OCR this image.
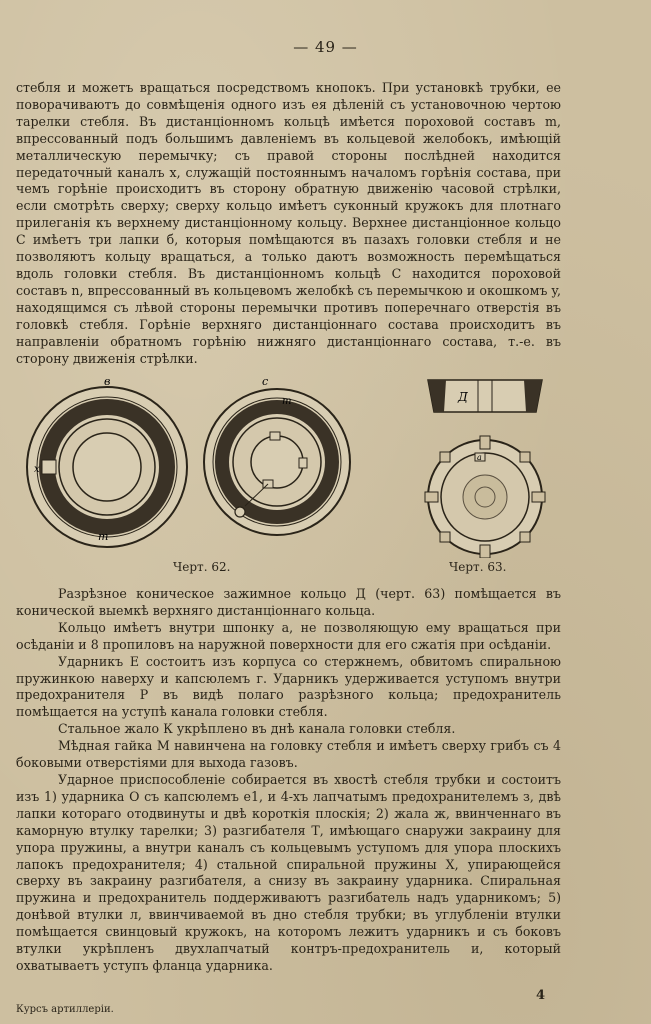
— 49 —

стебля и можетъ вращаться посредствомъ кнопокъ. При установкѣ трубки, ее поворачиваютъ до совмѣщенія одного изъ ея дѣленій съ установочною чертою тарелки стебля. Въ дистанціонномъ кольцѣ имѣется пороховой составъ m, впрессованный подъ большимъ давленіемъ въ кольцевой желобокъ, имѣющій металлическую перемычку; съ правой стороны послѣдней находится передаточный каналъ x, служащій постояннымъ началомъ горѣнія состава, при чемъ горѣніе происходитъ въ сторону обратную движенію часовой стрѣлки, если смотрѣть сверху; сверху кольцо имѣетъ суконный кружокъ для плотнаго прилеганія къ верхнему дистанціонному кольцу. Верхнее дистанціонное кольцо С имѣетъ три лапки б, которыя помѣщаются въ пазахъ головки стебля и не позволяютъ кольцу вращаться, а только даютъ возможность перемѣщаться вдоль головки стебля. Въ дистанціонномъ кольцѣ С находится пороховой составъ n, впрессованный въ кольцевомъ желобкѣ съ перемычкою и окошкомъ y, находящимся съ лѣвой стороны перемычки противъ поперечнаго отверстія въ головкѣ стебля. Горѣніе верхняго дистанціоннаго состава происходитъ въ направленіи обратномъ горѣнію нижняго дистанціоннаго состава, т.-е. въ сторону движенія стрѣлки.

в
x
m
с
m
Черт. 62.
Д
а
Черт. 63.

Разрѣзное коническое зажимное кольцо Д (черт. 63) помѣщается въ конической выемкѣ верхняго дистанціоннаго кольца.

Кольцо имѣетъ внутри шпонку а, не позволяющую ему вращаться при осѣданіи и 8 пропиловъ на наружной поверхности для его сжатія при осѣданіи.

Ударникъ Е состоитъ изъ корпуса со стержнемъ, обвитомъ спиральною пружинкою наверху и капсюлемъ г. Ударникъ удерживается уступомъ внутри предохранителя Р въ видѣ полаго разрѣзного кольца; предохранитель помѣщается на уступѣ канала головки стебля.

Стальное жало К укрѣплено въ днѣ канала головки стебля.

Мѣдная гайка М навинчена на головку стебля и имѣетъ сверху грибъ съ 4 боковыми отверстіями для выхода газовъ.

Ударное приспособленіе собирается въ хвостѣ стебля трубки и состоитъ изъ 1) ударника О съ капсюлемъ е1, и 4-хъ лапчатымъ предохранителемъ з, двѣ лапки котораго отодвинуты и двѣ короткія плоскія; 2) жала ж, ввинченнаго въ каморную втулку тарелки; 3) разгибателя Т, имѣющаго снаружи закраину для упора пружины, а внутри каналъ съ кольцевымъ уступомъ для упора плоскихъ лапокъ предохранителя; 4) стальной спиральной пружины Х, упирающейся сверху въ закраину разгибателя, а снизу въ закраину ударника. Спиральная пружина и предохранитель поддерживаютъ разгибатель надъ ударникомъ; 5) донѣвой втулки л, ввинчиваемой въ дно стебля трубки; въ углубленіи втулки помѣщается свинцовый кружокъ, на которомъ лежитъ ударникъ и съ боковъ втулки укрѣпленъ двухлапчатый контръ-предохранитель и, который охватываетъ уступъ фланца ударника.

Курсъ артиллеріи.
4
